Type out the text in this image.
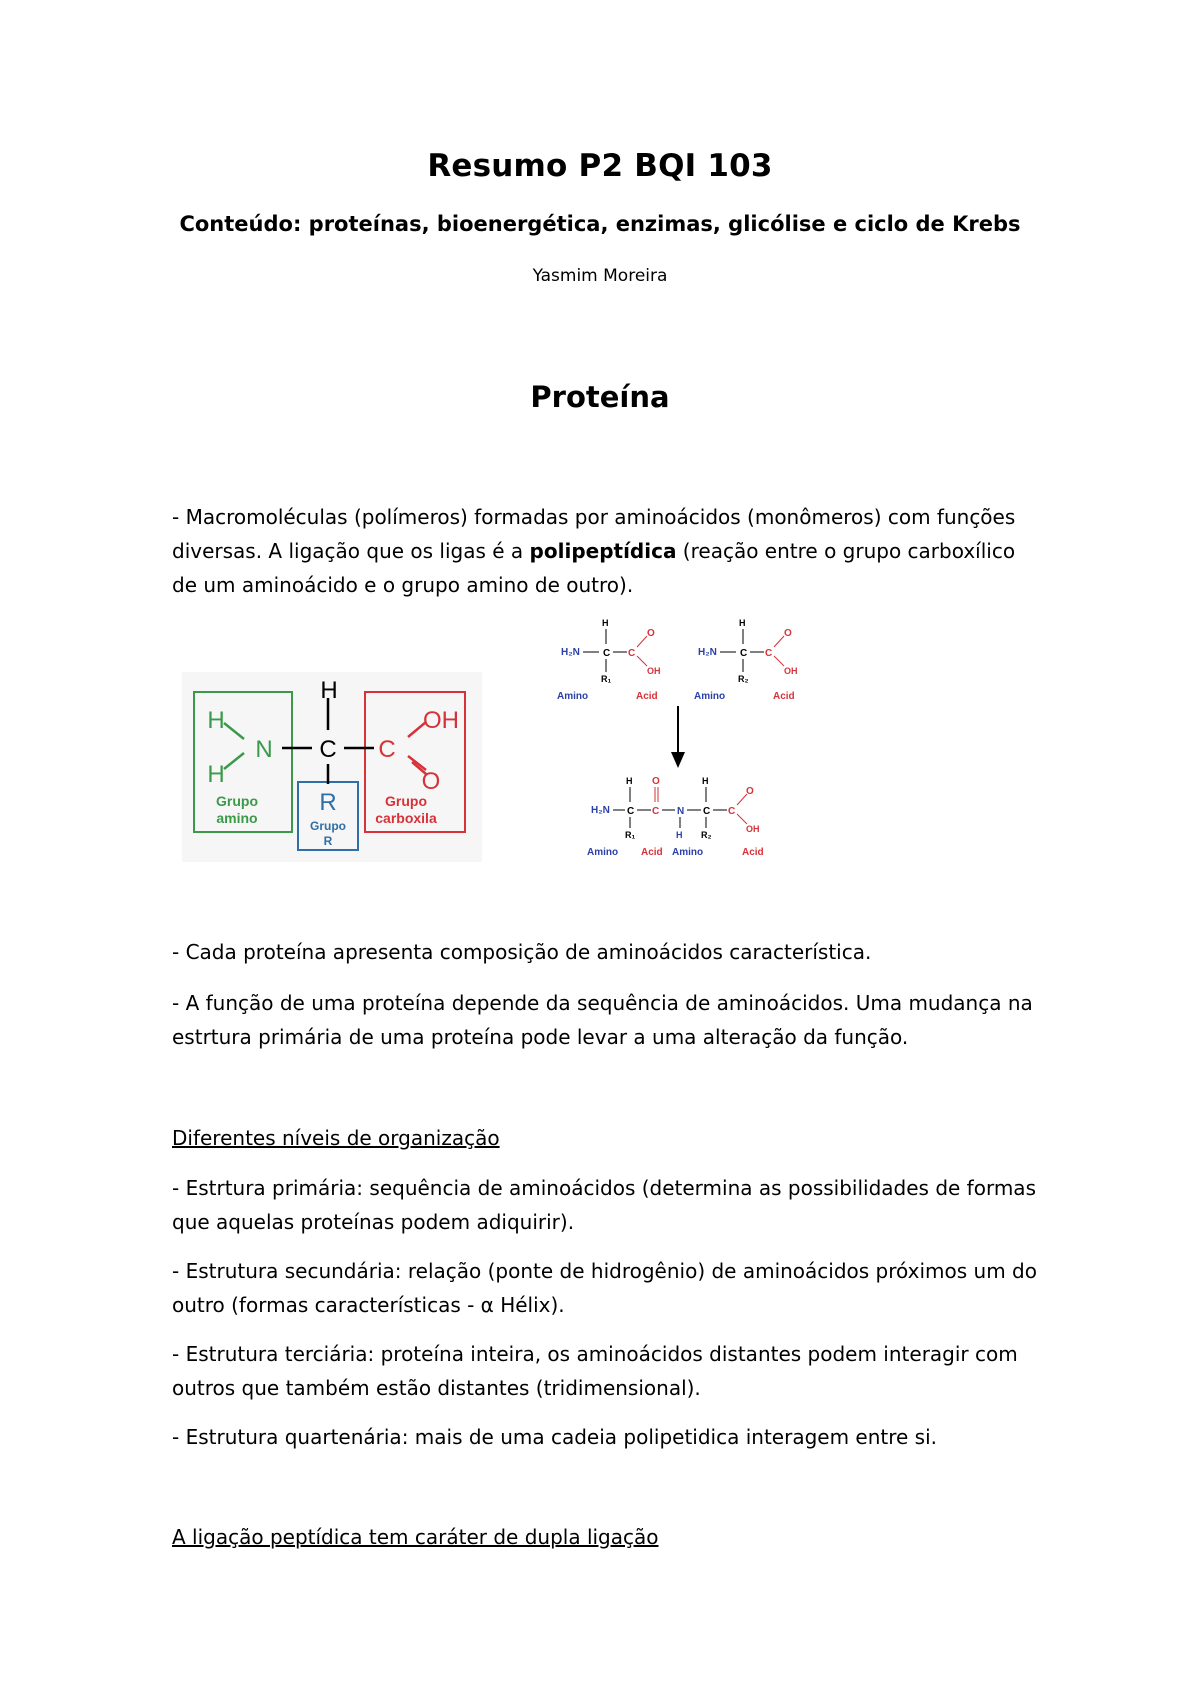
Resumo P2 BQI 103
Conteúdo: proteínas, bioenergética, enzimas, glicólise e ciclo de Krebs
Yasmim Moreira
Proteína
- Macromoléculas (polímeros) formadas por aminoácidos (monômeros) com funções diversas. A ligação que os ligas é a polipeptídica (reação entre o grupo carboxílico de um aminoácido e o grupo amino de outro).
H
H
H
N C C
OH
O
R
Grupo
amino	Grupo
R
Grupo
carboxila
H₂N C
H
R₁
C
O
OH
Amino	Acid
H₂N C
H
R₂
C
O
OH
Amino	Acid
H₂N C
H
R₁
C
O
N
H
C
H
R₂
C
O
OH
Amino Acid Amino	Acid
- Cada proteína apresenta composição de aminoácidos característica.
- A função de uma proteína depende da sequência de aminoácidos. Uma mudança na estrtura primária de uma proteína pode levar a uma alteração da função.
Diferentes níveis de organização
- Estrtura primária: sequência de aminoácidos (determina as possibilidades de formas que aquelas proteínas podem adiquirir).
- Estrutura secundária: relação (ponte de hidrogênio) de aminoácidos próximos um do outro (formas características - α Hélix).
- Estrutura terciária: proteína inteira, os aminoácidos distantes podem interagir com outros que também estão distantes (tridimensional).
- Estrutura quartenária: mais de uma cadeia polipetidica interagem entre si.
A ligação peptídica tem caráter de dupla ligação
